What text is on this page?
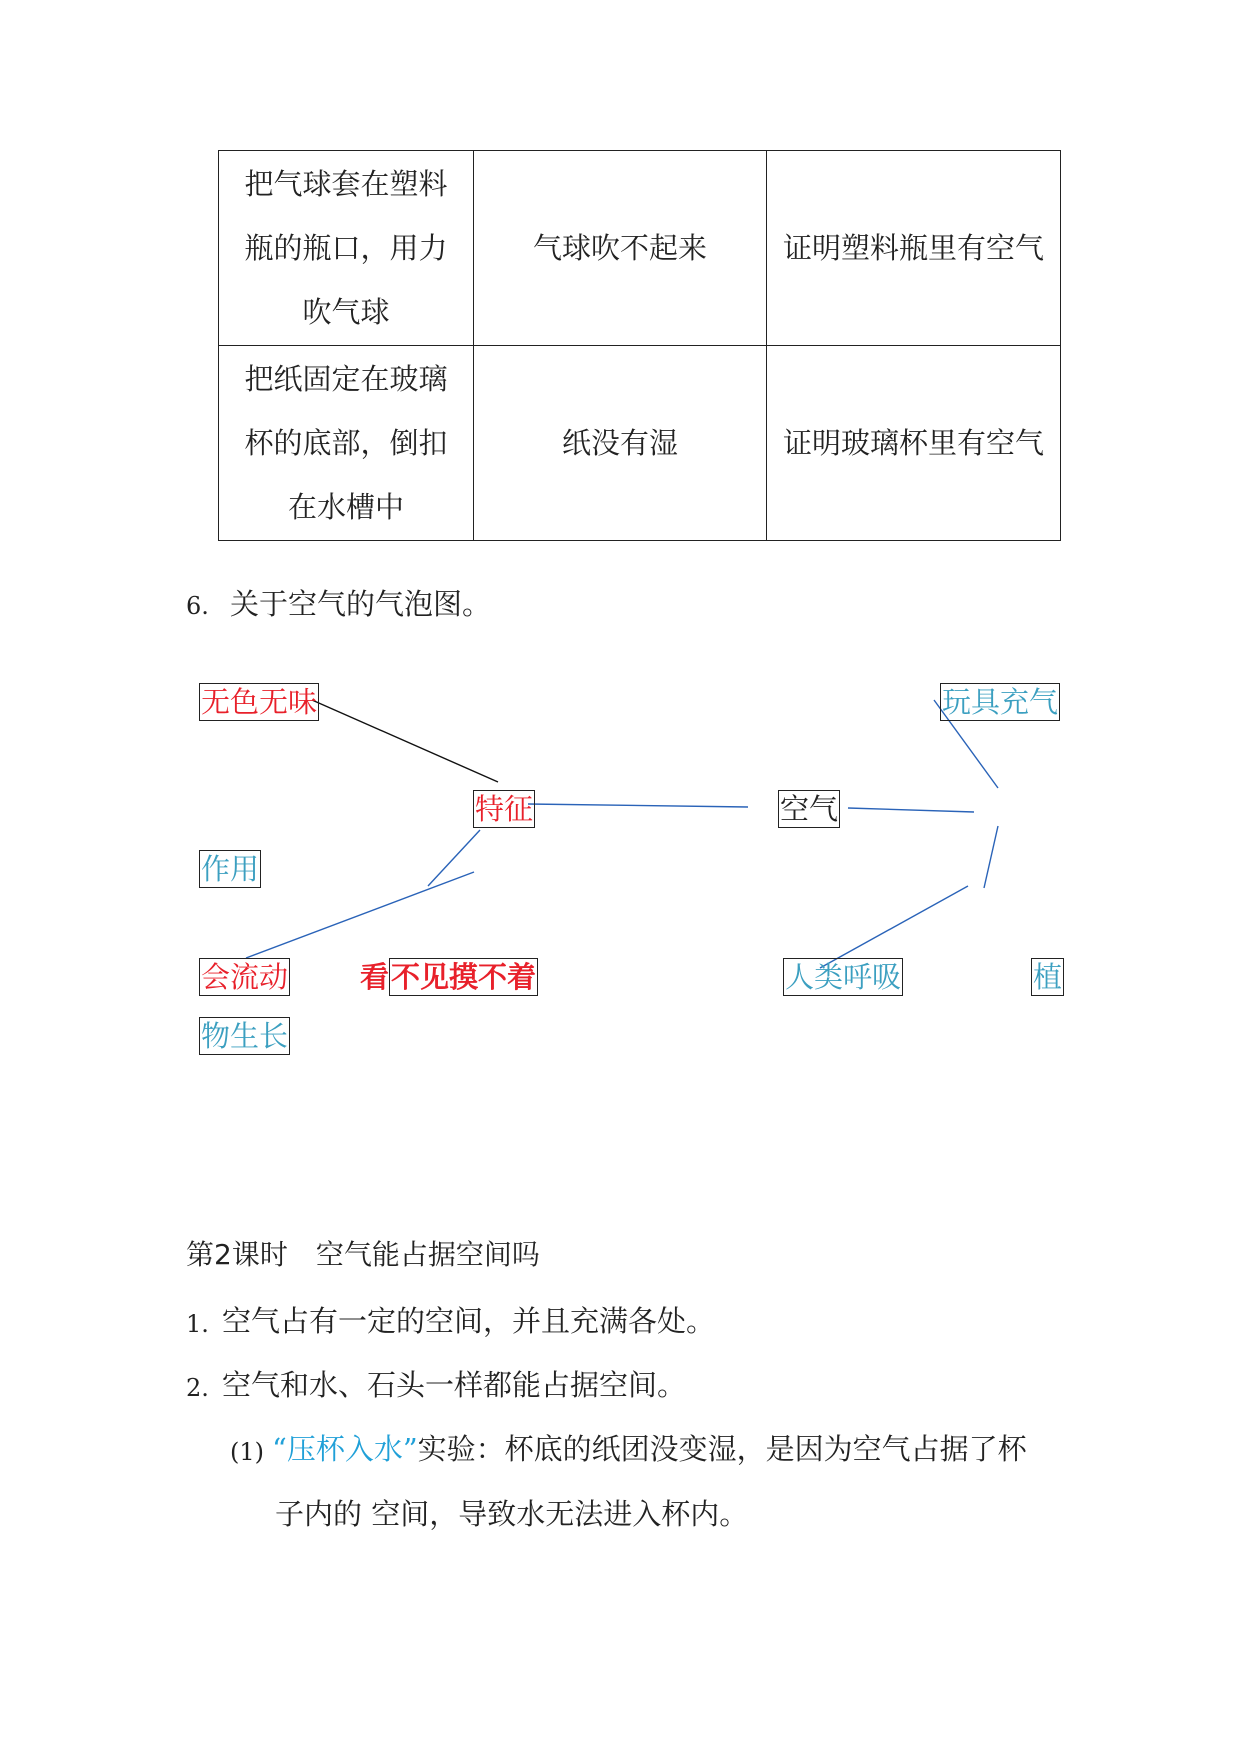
把气球套在塑料瓶的瓶口，用力吹气球	气球吹不起来	证明塑料瓶里有空气
把纸固定在玻璃杯的底部，倒扣在水槽中	纸没有湿	证明玻璃杯里有空气
6. 关于空气的气泡图。
无色无味	玩具充气
特征	空气
作用
会流动 看 不见摸不着	人类呼吸	植
物生长
第2课时　空气能占据空间吗
1. 空气占有一定的空间，并且充满各处。
2. 空气和水、石头一样都能占据空间。
(1) “压杯入水”实验：杯底的纸团没变湿，是因为空气占据了杯
子内的 空间，导致水无法进入杯内。
